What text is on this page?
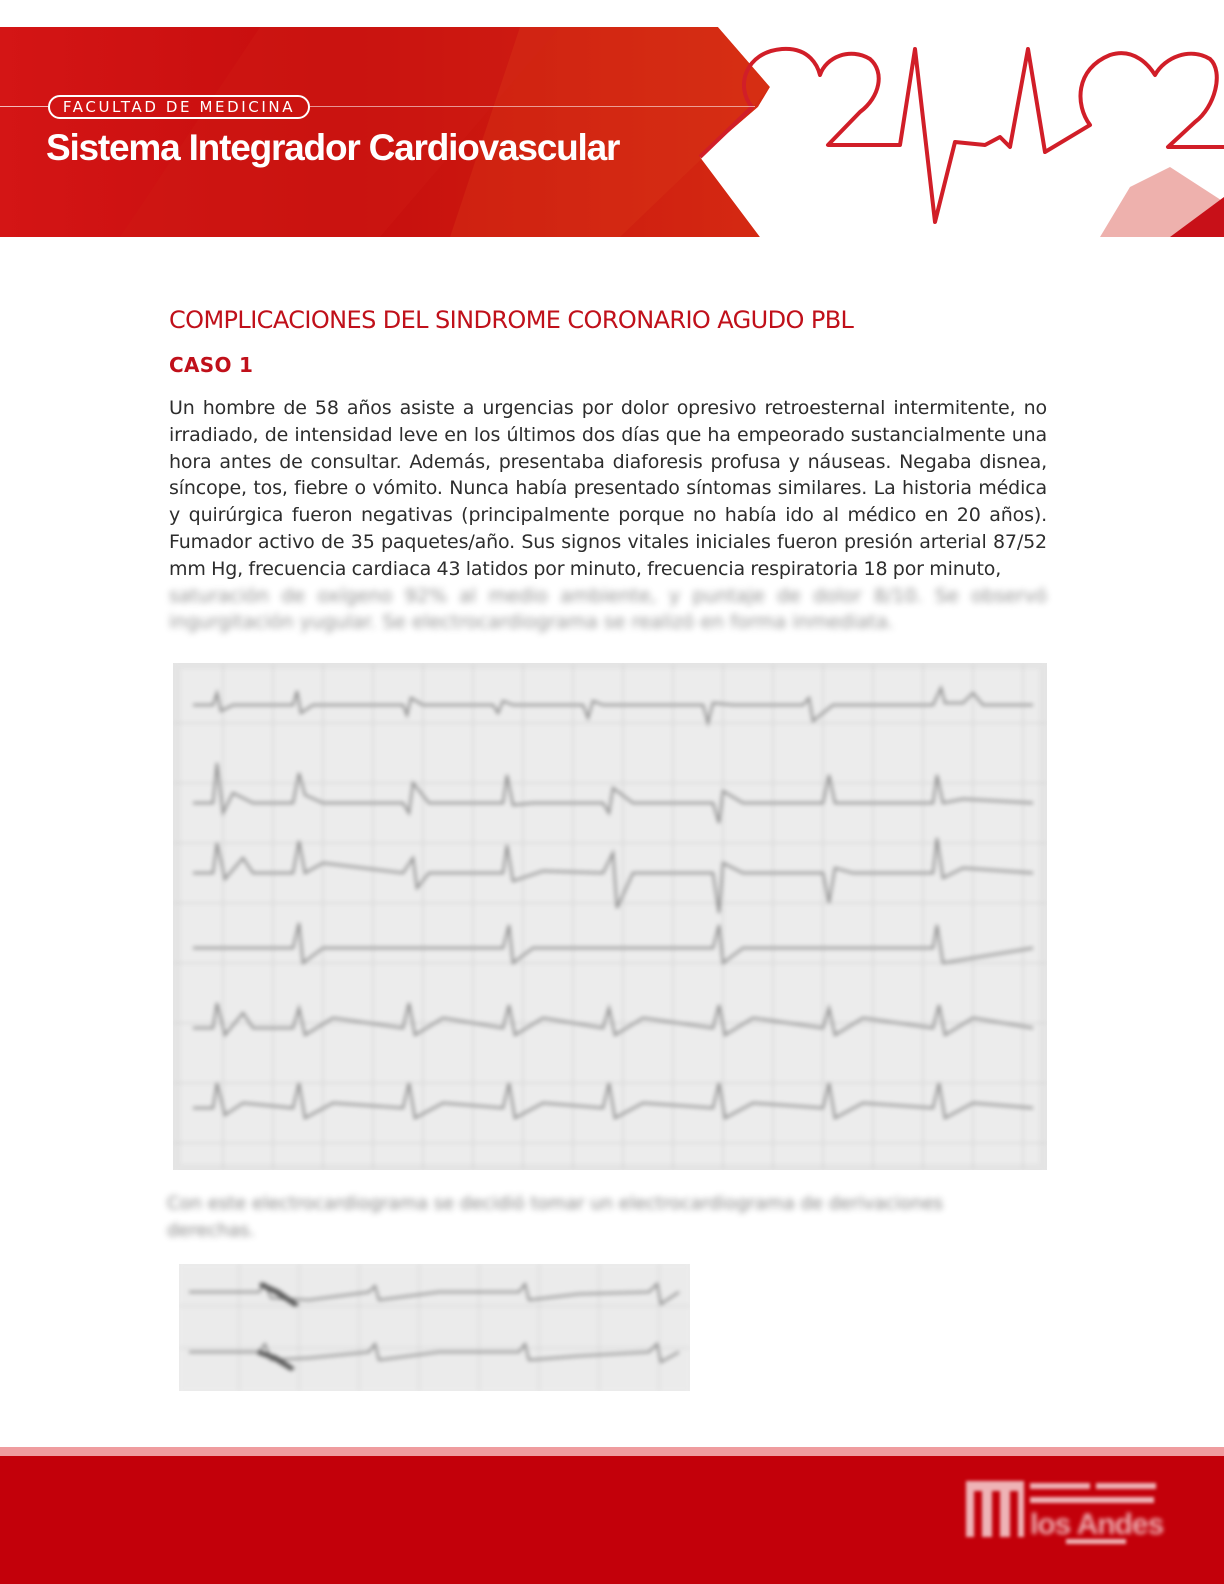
FACULTAD DE MEDICINA
Sistema Integrador Cardiovascular
COMPLICACIONES DEL SINDROME CORONARIO AGUDO PBL
CASO 1

Un hombre de 58 años asiste a urgencias por dolor opresivo retroesternal intermitente, no irradiado, de intensidad leve en los últimos dos días que ha empeorado sustancialmente una hora antes de consultar. Además, presentaba diaforesis profusa y náuseas. Negaba disnea, síncope, tos, fiebre o vómito. Nunca había presentado síntomas similares. La historia médica y quirúrgica fueron negativas (principalmente porque no había ido al médico en 20 años). Fumador activo de 35 paquetes/año. Sus signos vitales iniciales fueron presión arterial 87/52 mm Hg, frecuencia cardiaca 43 latidos por minuto, frecuencia respiratoria 18 por minuto,

saturación de oxígeno 92% al medio ambiente, y puntaje de dolor 8/10. Se observó ingurgitación yugular. Se electrocardiograma se realizó en forma inmediata.

Con este electrocardiograma se decidió tomar un electrocardiograma de derivaciones derechas.
los Andes
